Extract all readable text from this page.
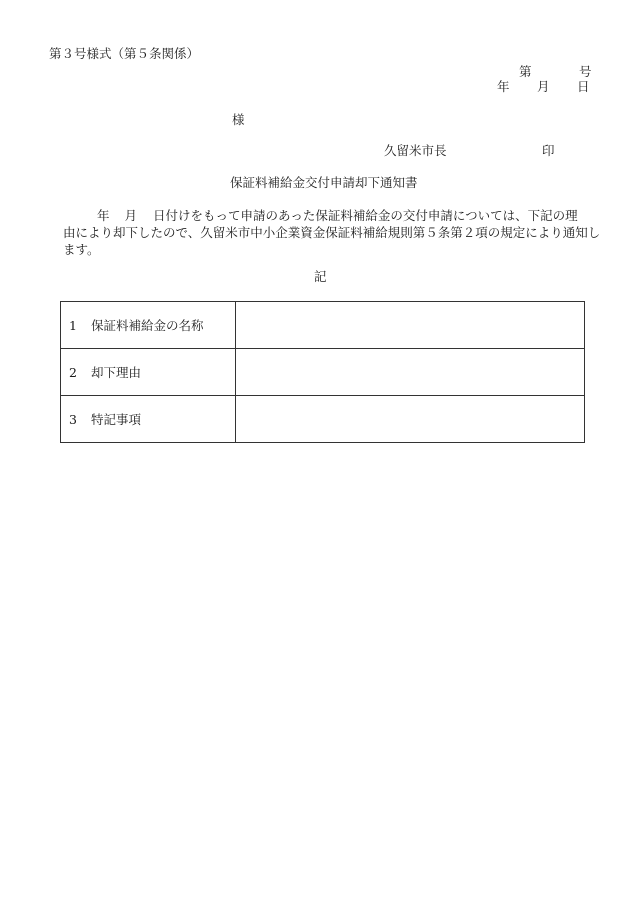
第３号様式（第５条関係）
第	号
年 月 日
様
久留米市長	印
保証料補給金交付申請却下通知書
年 月 日付けをもって申請のあった保証料補給金の交付申請については、下記の理
由により却下したので、久留米市中小企業資金保証料補給規則第５条第２項の規定により通知し
ます。
記
1 保証料補給金の名称	
2 却下理由	
3 特記事項	
